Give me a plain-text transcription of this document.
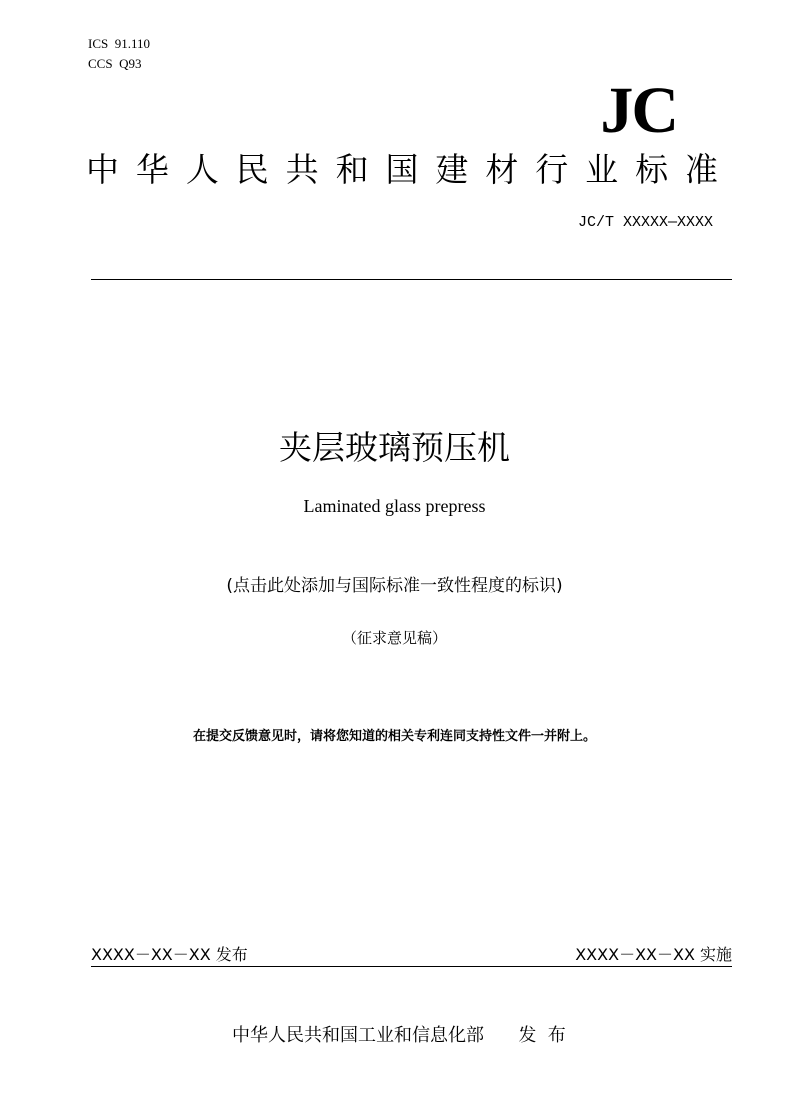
ICS  91.110
CCS  Q93
JC
中华人民共和国建材行业标准
JC/T XXXXX—XXXX
夹层玻璃预压机
Laminated glass prepress
(点击此处添加与国际标准一致性程度的标识)
（征求意见稿）
在提交反馈意见时，请将您知道的相关专利连同支持性文件一并附上。
XXXX－XX－XX 发布	XXXX－XX－XX 实施
中华人民共和国工业和信息化部 发  布
